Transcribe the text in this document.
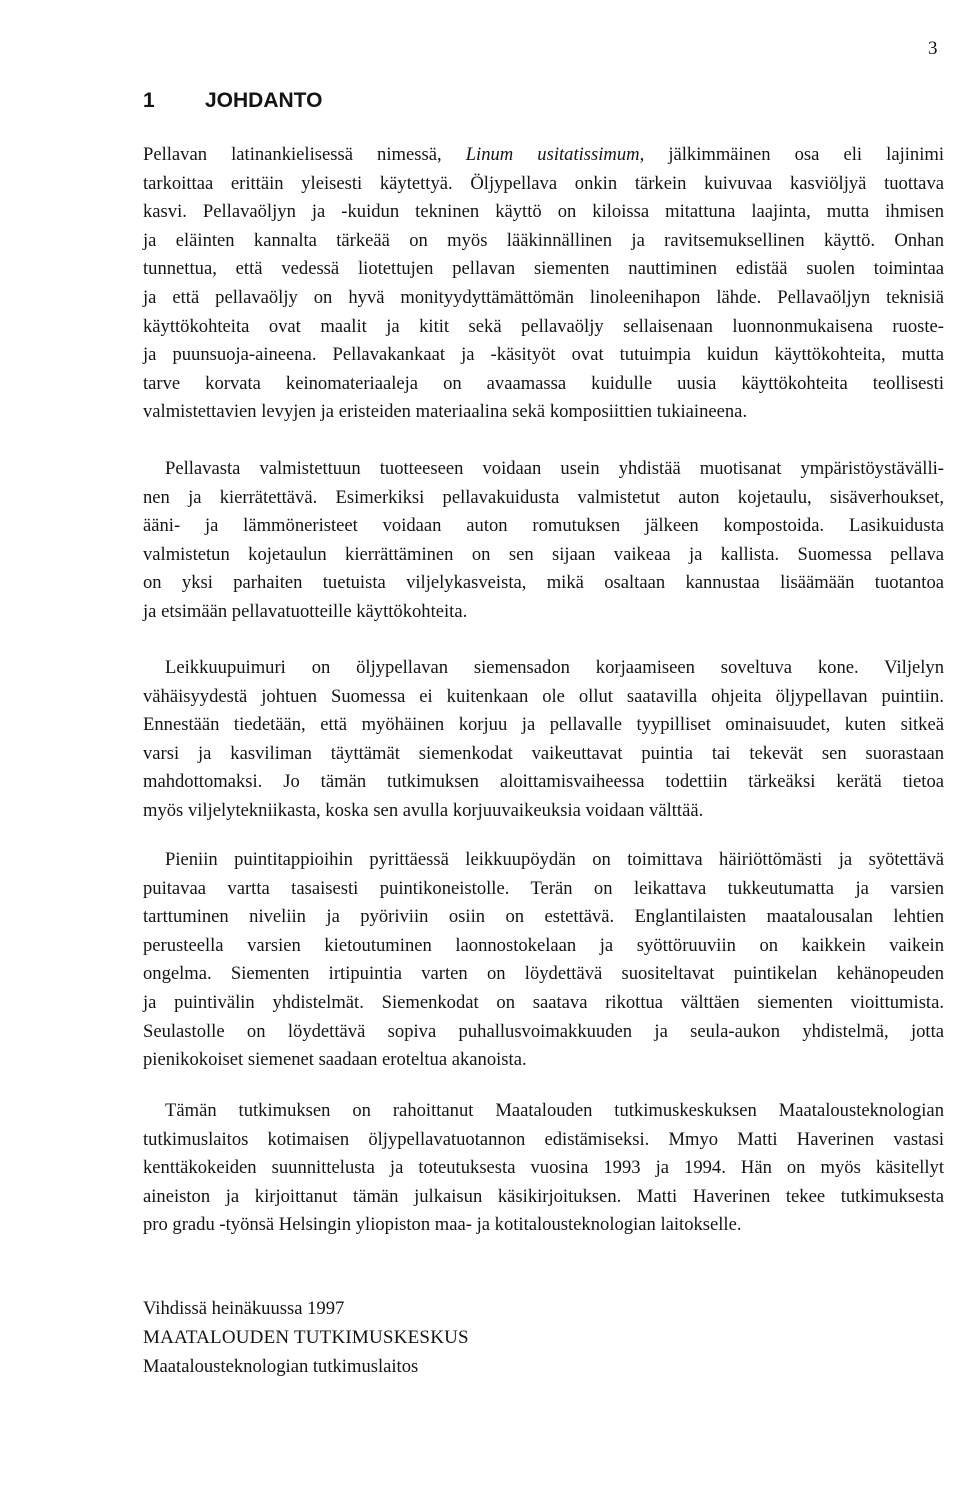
3
1 JOHDANTO

Pellavan latinankielisessä nimessä, Linum usitatissimum, jälkimmäinen osa eli lajinimi
tarkoittaa erittäin yleisesti käytettyä. Öljypellava onkin tärkein kuivuvaa kasviöljyä tuottava
kasvi. Pellavaöljyn ja -kuidun tekninen käyttö on kiloissa mitattuna laajinta, mutta ihmisen
ja eläinten kannalta tärkeää on myös lääkinnällinen ja ravitsemuksellinen käyttö. Onhan
tunnettua, että vedessä liotettujen pellavan siementen nauttiminen edistää suolen toimintaa
ja että pellavaöljy on hyvä monityydyttämättömän linoleenihapon lähde. Pellavaöljyn teknisiä
käyttökohteita ovat maalit ja kitit sekä pellavaöljy sellaisenaan luonnonmukaisena ruoste-
ja puunsuoja-aineena. Pellavakankaat ja -käsityöt ovat tutuimpia kuidun käyttökohteita, mutta
tarve korvata keinomateriaaleja on avaamassa kuidulle uusia käyttökohteita teollisesti
valmistettavien levyjen ja eristeiden materiaalina sekä komposiittien tukiaineena.

Pellavasta valmistettuun tuotteeseen voidaan usein yhdistää muotisanat ympäristöystävälli-
nen ja kierrätettävä. Esimerkiksi pellavakuidusta valmistetut auton kojetaulu, sisäverhoukset,
ääni- ja lämmöneristeet voidaan auton romutuksen jälkeen kompostoida. Lasikuidusta
valmistetun kojetaulun kierrättäminen on sen sijaan vaikeaa ja kallista. Suomessa pellava
on yksi parhaiten tuetuista viljelykasveista, mikä osaltaan kannustaa lisäämään tuotantoa
ja etsimään pellavatuotteille käyttökohteita.

Leikkuupuimuri on öljypellavan siemensadon korjaamiseen soveltuva kone. Viljelyn
vähäisyydestä johtuen Suomessa ei kuitenkaan ole ollut saatavilla ohjeita öljypellavan puintiin.
Ennestään tiedetään, että myöhäinen korjuu ja pellavalle tyypilliset ominaisuudet, kuten sitkeä
varsi ja kasviliman täyttämät siemenkodat vaikeuttavat puintia tai tekevät sen suorastaan
mahdottomaksi. Jo tämän tutkimuksen aloittamisvaiheessa todettiin tärkeäksi kerätä tietoa
myös viljelytekniikasta, koska sen avulla korjuuvaikeuksia voidaan välttää.

Pieniin puintitappioihin pyrittäessä leikkuupöydän on toimittava häiriöttömästi ja syötettävä
puitavaa vartta tasaisesti puintikoneistolle. Terän on leikattava tukkeutumatta ja varsien
tarttuminen niveliin ja pyöriviin osiin on estettävä. Englantilaisten maatalousalan lehtien
perusteella varsien kietoutuminen laonnostokelaan ja syöttöruuviin on kaikkein vaikein
ongelma. Siementen irtipuintia varten on löydettävä suositeltavat puintikelan kehänopeuden
ja puintivälin yhdistelmät. Siemenkodat on saatava rikottua välttäen siementen vioittumista.
Seulastolle on löydettävä sopiva puhallusvoimakkuuden ja seula-aukon yhdistelmä, jotta
pienikokoiset siemenet saadaan eroteltua akanoista.

Tämän tutkimuksen on rahoittanut Maatalouden tutkimuskeskuksen Maatalousteknologian
tutkimuslaitos kotimaisen öljypellavatuotannon edistämiseksi. Mmyo Matti Haverinen vastasi
kenttäkokeiden suunnittelusta ja toteutuksesta vuosina 1993 ja 1994. Hän on myös käsitellyt
aineiston ja kirjoittanut tämän julkaisun käsikirjoituksen. Matti Haverinen tekee tutkimuksesta
pro gradu -työnsä Helsingin yliopiston maa- ja kotitalousteknologian laitokselle.

Vihdissä heinäkuussa 1997
MAATALOUDEN TUTKIMUSKESKUS
Maatalousteknologian tutkimuslaitos
